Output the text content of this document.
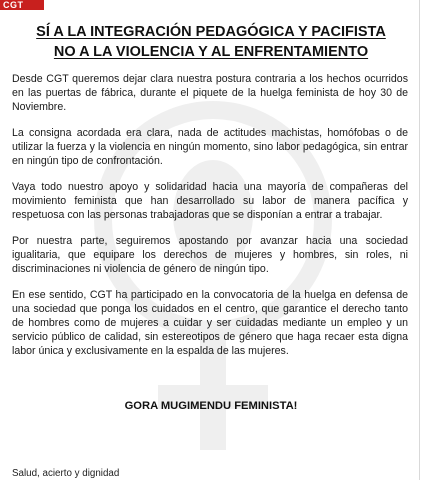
CGT
SÍ A LA INTEGRACIÓN PEDAGÓGICA Y PACIFISTA
NO A LA VIOLENCIA Y AL ENFRENTAMIENTO

Desde CGT queremos dejar clara nuestra postura contraria a los hechos ocurridos en las puertas de fábrica, durante el piquete de la huelga feminista de hoy 30 de Noviembre.

La consigna acordada era clara, nada de actitudes machistas, homófobas o de utilizar la fuerza y la violencia en ningún momento, sino labor pedagógica, sin entrar en ningún tipo de confrontación.

Vaya todo nuestro apoyo y solidaridad hacia una mayoría de compañeras del movimiento feminista que han desarrollado su labor de manera pacífica y respetuosa con las personas trabajadoras que se disponían a entrar a trabajar.

Por nuestra parte, seguiremos apostando por avanzar hacia una sociedad igualitaria, que equipare los derechos de mujeres y hombres, sin roles, ni discriminaciones ni violencia de género de ningún tipo.

En ese sentido, CGT ha participado en la convocatoria de la huelga en defensa de una sociedad que ponga los cuidados en el centro, que garantice el derecho tanto de hombres como de mujeres a cuidar y ser cuidadas mediante un empleo y un servicio público de calidad, sin estereotipos de género que haga recaer esta digna labor única y exclusivamente en la espalda de las mujeres.

GORA MUGIMENDU FEMINISTA!
Salud, acierto y dignidad
